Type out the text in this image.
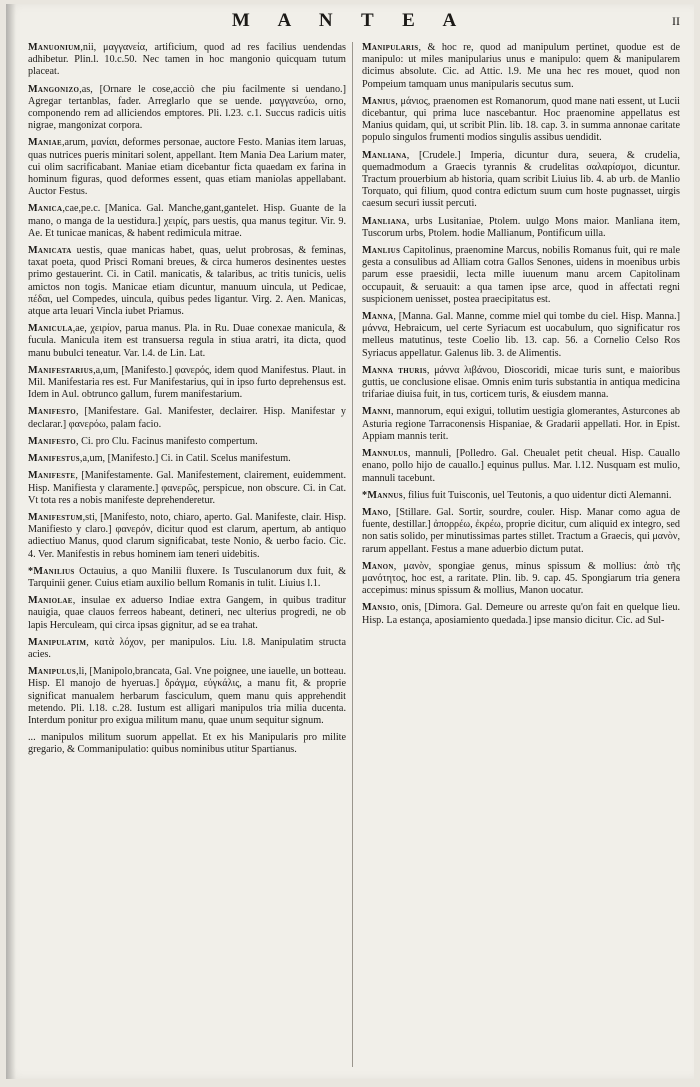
M A N T E A	II

Manuonium,nii, μαγγανεία, artificium, quod ad res facilius uendendas adhibetur. Plin.l. 10.c.50. Nec tamen in hoc mangonio quicquam tutum placeat.

Mangonizo,as, [Ornare le cose,acciò che piu facilmente si uendano.] Agregar tertanblas, fader. Arreglarlo que se uende. μαγγανεύω, orno, componendo rem ad alliciendos emptores. Pli. l.23. c.1. Succus radicis uitis nigrae, mangonizat corpora.

Maniae,arum, μανίαι, deformes personae, auctore Festo. Manias item laruas, quas nutrices pueris minitari solent, appellant. Item Mania Dea Larium mater, cui olim sacrificabant. Maniae etiam dicebantur ficta quaedam ex farina in hominum figuras, quod deformes essent, quas etiam maniolas appellabant. Auctor Festus.

Manica,cae,pe.c. [Manica. Gal. Manche,gant,gantelet. Hisp. Guante de la mano, o manga de la uestidura.] χειρίς, pars uestis, qua manus tegitur. Vir. 9. Ae. Et tunicae manicas, & habent redimicula mitrae.

Manicata uestis, quae manicas habet, quas, uelut probrosas, & feminas, taxat poeta, quod Prisci Romani breues, & circa humeros desinentes uestes primo gestauerint. Ci. in Catil. manicatis, & talaribus, ac tritis tunicis, uelis amictos non togis. Manicae etiam dicuntur, manuum uincula, ut Pedicae, πέδαι, uel Compedes, uincula, quibus pedes ligantur. Virg. 2. Aen. Manicas, atque arta leuari Vincla iubet Priamus.

Manicula,ae, χειρίον, parua manus. Pla. in Ru. Duae conexae manicula, & fucula. Manicula item est transuersa regula in stiua aratri, ita dicta, quod manu bubulci teneatur. Var. l.4. de Lin. Lat.

Manifestarius,a,um, [Manifesto.] φανερός, idem quod Manifestus. Plaut. in Mil. Manifestaria res est. Fur Manifestarius, qui in ipso furto deprehensus est. Idem in Aul. obtrunco gallum, furem manifestarium.

Manifesto, [Manifestare. Gal. Manifester, declairer. Hisp. Manifestar y declarar.] φανερόω, palam facio.

Manifesto, Ci. pro Clu. Facinus manifesto compertum.

Manifestus,a,um, [Manifesto.] Ci. in Catil. Scelus manifestum.

Manifeste, [Manifestamente. Gal. Manifestement, clairement, euidemment. Hisp. Manifiesta y claramente.] φανερῶς, perspicue, non obscure. Ci. in Cat. Vt tota res a nobis manifeste deprehenderetur.

Manifestum,sti, [Manifesto, noto, chiaro, aperto. Gal. Manifeste, clair. Hisp. Manifiesto y claro.] φανερόν, dicitur quod est clarum, apertum, ab antiquo adiectiuo Manus, quod clarum significabat, teste Nonio, & uerbo facio. Cic. 4. Ver. Manifestis in rebus hominem iam teneri uidebitis.

*Manilius Octauius, a quo Manilii fluxere. Is Tusculanorum dux fuit, & Tarquinii gener. Cuius etiam auxilio bellum Romanis in tulit. Liuius l.1.

Maniolae, insulae ex aduerso Indiae extra Gangem, in quibus traditur nauigia, quae clauos ferreos habeant, detineri, nec ulterius progredi, ne ob lapis Herculeam, qui circa ipsas gignitur, ad se ea trahat.

Manipulatim, κατὰ λόχον, per manipulos. Liu. l.8. Manipulatim structa acies.

Manipulus,li, [Manipolo,brancata, Gal. Vne poignee, une iauelle, un botteau. Hisp. El manojo de hyeruas.] δράγμα, εὐγκάλις, a manu fit, & proprie significat manualem herbarum fasciculum, quem manu quis apprehendit metendo. Pli. l.18. c.28. Iustum est alligari manipulos tria milia ducenta. Interdum ponitur pro exigua militum manu, quae unum sequitur signum.

... manipulos militum suorum appellat. Et ex his Manipularis pro milite gregario, & Commanipulatio: quibus nominibus utitur Spartianus.

Manipularis, & hoc re, quod ad manipulum pertinet, quodue est de manipulo: ut miles manipularius unus e manipulo: quem & manipularem dicimus absolute. Cic. ad Attic. l.9. Me una hec res mouet, quod non Pompeium tamquam unus manipularis secutus sum.

Manius, μάνιος, praenomen est Romanorum, quod mane nati essent, ut Lucii dicebantur, qui prima luce nascebantur. Hoc praenomine appellatus est Manius quidam, qui, ut scribit Plin. lib. 18. cap. 3. in summa annonae caritate populo singulos frumenti modios singulis assibus uendidit.

Manliana, [Crudele.] Imperia, dicuntur dura, seuera, & crudelia, quemadmodum a Graecis tyrannis & crudelitas σαλαρίσμοι, dicuntur. Tractum prouerbium ab historia, quam scribit Liuius lib. 4. ab urb. de Manlio Torquato, qui filium, quod contra edictum suum cum hoste pugnasset, uirgis caesum securi iussit percuti.

Manliana, urbs Lusitaniae, Ptolem. uulgo Mons maior. Manliana item, Tuscorum urbs, Ptolem. hodie Mallianum, Pontificum uilla.

Manlius Capitolinus, praenomine Marcus, nobilis Romanus fuit, qui re male gesta a consulibus ad Alliam cotra Gallos Senones, uidens in moenibus urbis parum esse praesidii, lecta mille iuuenum manu arcem Capitolinam occupauit, & seruauit: a qua tamen ipse arce, quod in affectati regni suspicionem uenisset, postea praecipitatus est.

Manna, [Manna. Gal. Manne, comme miel qui tombe du ciel. Hisp. Manna.] μάννα, Hebraicum, uel certe Syriacum est uocabulum, quo significatur ros melleus matutinus, teste Coelio lib. 13. cap. 56. a Cornelio Celso Ros Syriacus appellatur. Galenus lib. 3. de Alimentis.

Manna thuris, μάννα λιβάνου, Dioscoridi, micae turis sunt, e maioribus guttis, ue conclusione elisae. Omnis enim turis substantia in antiqua medicina trifariae diuisa fuit, in tus, corticem turis, & eiusdem manna.

Manni, mannorum, equi exigui, tollutim uestigia glomerantes, Asturcones ab Asturia regione Tarraconensis Hispaniae, & Gradarii appellati. Hor. in Epist. Appiam mannis terit.

Mannulus, mannuli, [Polledro. Gal. Cheualet petit cheual. Hisp. Cauallo enano, pollo hijo de cauallo.] equinus pullus. Mar. l.12. Nusquam est mulio, mannuli tacebunt.

*Mannus, filius fuit Tuisconis, uel Teutonis, a quo uidentur dicti Alemanni.

Mano, [Stillare. Gal. Sortir, sourdre, couler. Hisp. Manar como agua de fuente, destillar.] ἀπορρέω, ἐκρέω, proprie dicitur, cum aliquid ex integro, sed non satis solido, per minutissimas partes stillet. Tractum a Graecis, qui μανὸν, rarum appellant. Festus a mane aduerbio dictum putat.

Manon, μανὸν, spongiae genus, minus spissum & mollius: ἀπὸ τῆς μανότητος, hoc est, a raritate. Plin. lib. 9. cap. 45. Spongiarum tria genera accepimus: minus spissum & mollius, Manon uocatur.

Mansio, onis, [Dimora. Gal. Demeure ou arreste qu'on fait en quelque lieu. Hisp. La estança, aposiamiento quedada.] ipse mansio dicitur. Cic. ad Sul-
